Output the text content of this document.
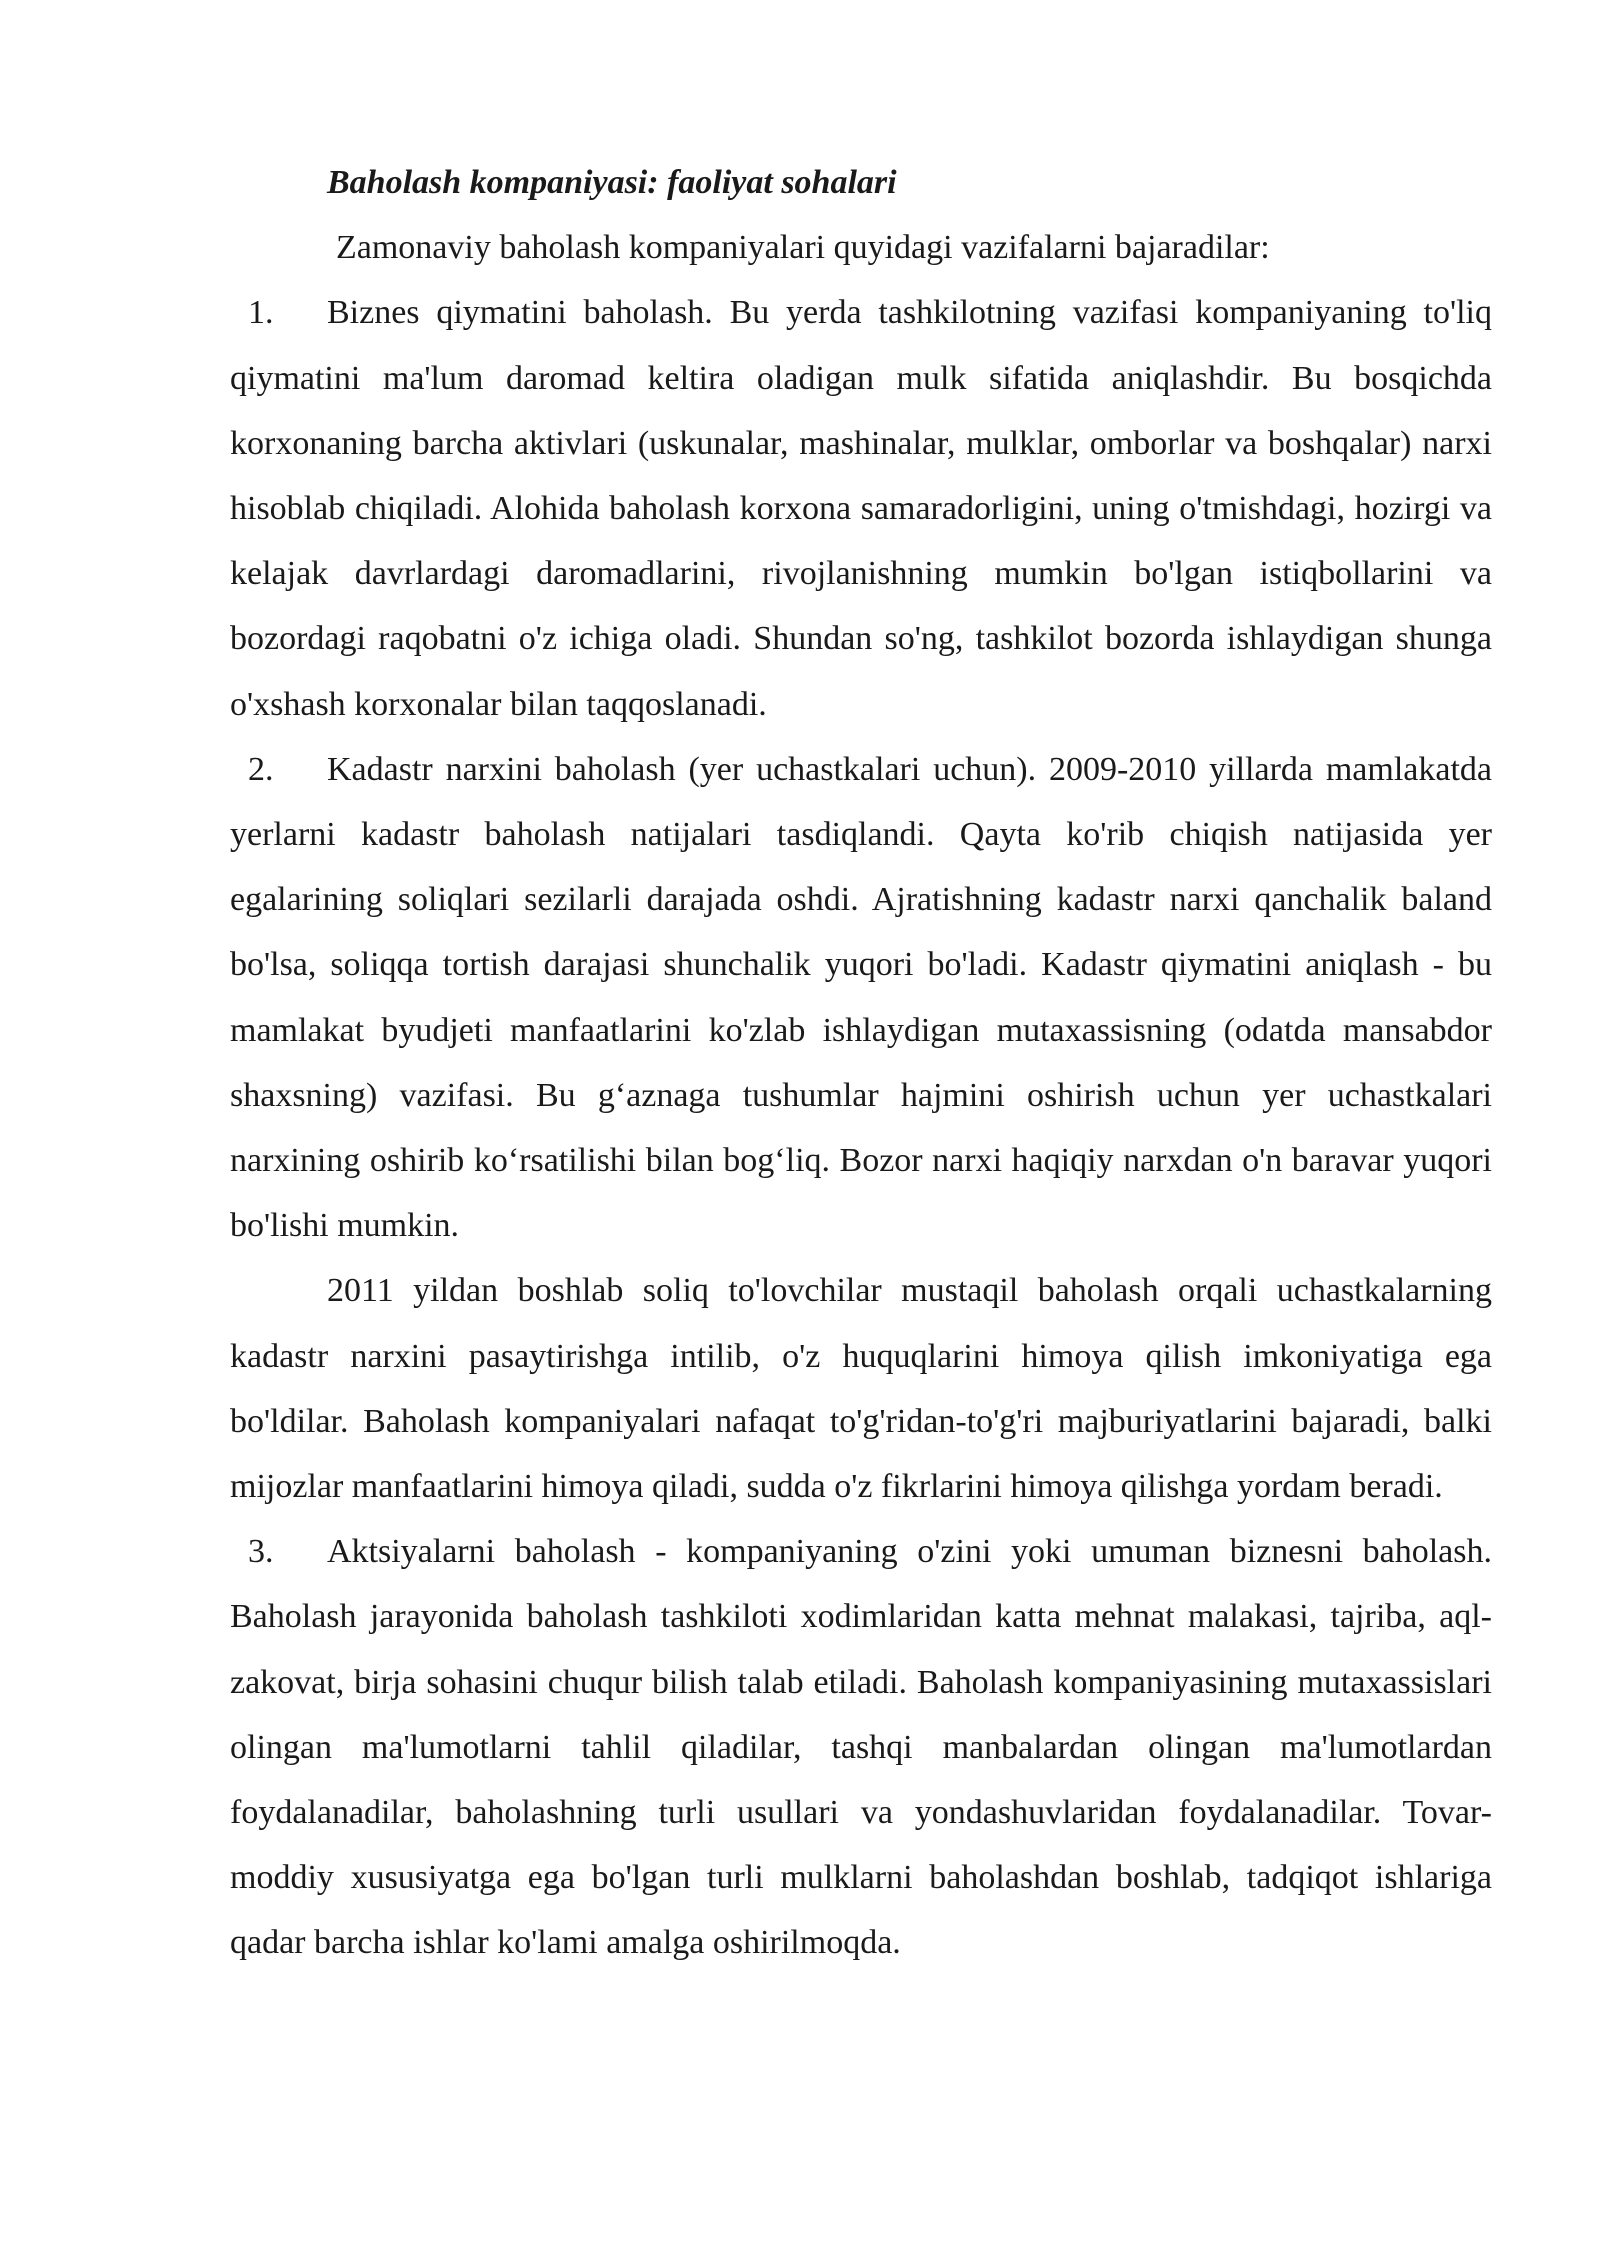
Baholash kompaniyasi: faoliyat sohalari

Zamonaviy baholash kompaniyalari quyidagi vazifalarni bajaradilar:

1. Biznes qiymatini baholash. Bu yerda tashkilotning vazifasi kompaniyaning to'liq qiymatini ma'lum daromad keltira oladigan mulk sifatida aniqlashdir. Bu bosqichda korxonaning barcha aktivlari (uskunalar, mashinalar, mulklar, omborlar va boshqalar) narxi hisoblab chiqiladi. Alohida baholash korxona samaradorligini, uning o'tmishdagi, hozirgi va kelajak davrlardagi daromadlarini, rivojlanishning mumkin bo'lgan istiqbollarini va bozordagi raqobatni o'z ichiga oladi. Shundan so'ng, tashkilot bozorda ishlaydigan shunga o'xshash korxonalar bilan taqqoslanadi.

2. Kadastr narxini baholash (yer uchastkalari uchun). 2009-2010 yillarda mamlakatda yerlarni kadastr baholash natijalari tasdiqlandi. Qayta ko'rib chiqish natijasida yer egalarining soliqlari sezilarli darajada oshdi. Ajratishning kadastr narxi qanchalik baland bo'lsa, soliqqa tortish darajasi shunchalik yuqori bo'ladi. Kadastr qiymatini aniqlash - bu mamlakat byudjeti manfaatlarini ko'zlab ishlaydigan mutaxassisning (odatda mansabdor shaxsning) vazifasi. Bu g‘aznaga tushumlar hajmini oshirish uchun yer uchastkalari narxining oshirib ko‘rsatilishi bilan bog‘liq. Bozor narxi haqiqiy narxdan o'n baravar yuqori bo'lishi mumkin.

2011 yildan boshlab soliq to'lovchilar mustaqil baholash orqali uchastkalarning kadastr narxini pasaytirishga intilib, o'z huquqlarini himoya qilish imkoniyatiga ega bo'ldilar. Baholash kompaniyalari nafaqat to'g'ridan-to'g'ri majburiyatlarini bajaradi, balki mijozlar manfaatlarini himoya qiladi, sudda o'z fikrlarini himoya qilishga yordam beradi.

3. Aktsiyalarni baholash - kompaniyaning o'zini yoki umuman biznesni baholash. Baholash jarayonida baholash tashkiloti xodimlaridan katta mehnat malakasi, tajriba, aql-zakovat, birja sohasini chuqur bilish talab etiladi. Baholash kompaniyasining mutaxassislari olingan ma'lumotlarni tahlil qiladilar, tashqi manbalardan olingan ma'lumotlardan foydalanadilar, baholashning turli usullari va yondashuvlaridan foydalanadilar. Tovar-moddiy xususiyatga ega bo'lgan turli mulklarni baholashdan boshlab, tadqiqot ishlariga qadar barcha ishlar ko'lami amalga oshirilmoqda.
